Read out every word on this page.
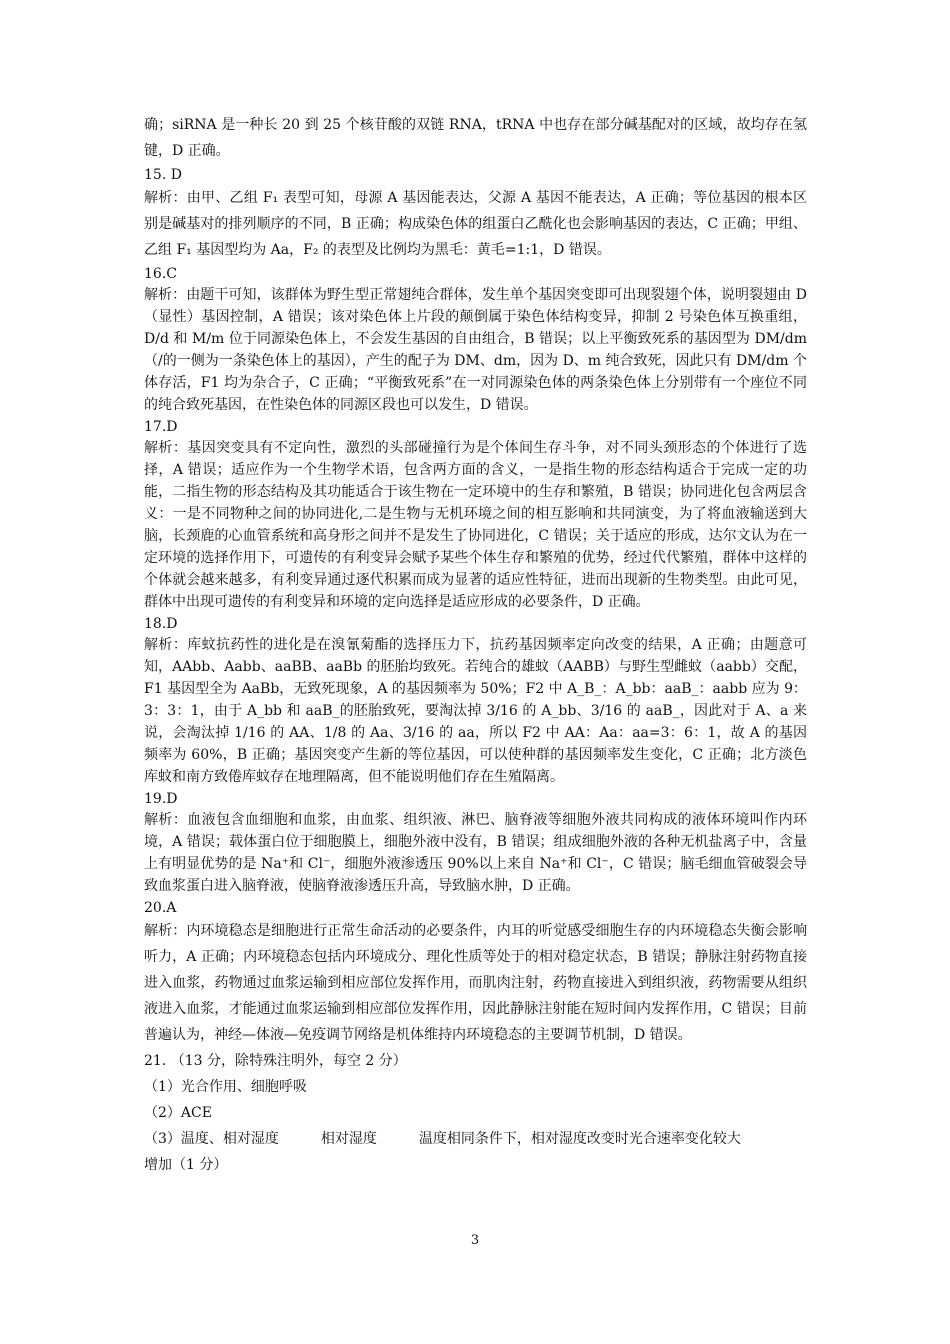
确；siRNA 是一种长 20 到 25 个核苷酸的双链 RNA，tRNA 中也存在部分碱基配对的区域，故均存在氢键，D 正确。

15. D

解析：由甲、乙组 F₁ 表型可知，母源 A 基因能表达，父源 A 基因不能表达，A 正确；等位基因的根本区别是碱基对的排列顺序的不同，B 正确；构成染色体的组蛋白乙酰化也会影响基因的表达，C 正确；甲组、乙组 F₁ 基因型均为 Aa，F₂ 的表型及比例均为黑毛：黄毛=1:1，D 错误。

16.C

解析：由题干可知，该群体为野生型正常翅纯合群体，发生单个基因突变即可出现裂翅个体，说明裂翅由 D（显性）基因控制，A 错误；该对染色体上片段的颠倒属于染色体结构变异，抑制 2 号染色体互换重组，D/d 和 M/m 位于同源染色体上，不会发生基因的自由组合，B 错误；以上平衡致死系的基因型为 DM/dm（/的一侧为一条染色体上的基因），产生的配子为 DM、dm，因为 D、m 纯合致死，因此只有 DM/dm 个体存活，F1 均为杂合子，C 正确；“平衡致死系”在一对同源染色体的两条染色体上分别带有一个座位不同的纯合致死基因，在性染色体的同源区段也可以发生，D 错误。

17.D

解析：基因突变具有不定向性，激烈的头部碰撞行为是个体间生存斗争，对不同头颈形态的个体进行了选择，A 错误；适应作为一个生物学术语，包含两方面的含义，一是指生物的形态结构适合于完成一定的功能，二指生物的形态结构及其功能适合于该生物在一定环境中的生存和繁殖，B 错误；协同进化包含两层含义：一是不同物种之间的协同进化,二是生物与无机环境之间的相互影响和共同演变，为了将血液输送到大脑，长颈鹿的心血管系统和高身形之间并不是发生了协同进化，C 错误；关于适应的形成，达尔文认为在一定环境的选择作用下，可遗传的有利变异会赋予某些个体生存和繁殖的优势，经过代代繁殖，群体中这样的个体就会越来越多，有利变异通过逐代积累而成为显著的适应性特征，进而出现新的生物类型。由此可见，群体中出现可遗传的有利变异和环境的定向选择是适应形成的必要条件，D 正确。

18.D

解析：库蚊抗药性的进化是在溴氰菊酯的选择压力下，抗药基因频率定向改变的结果，A 正确；由题意可知，AAbb、Aabb、aaBB、aaBb 的胚胎均致死。若纯合的雄蚊（AABB）与野生型雌蚊（aabb）交配，F1 基因型全为 AaBb，无致死现象，A 的基因频率为 50%；F2 中 A_B_：A_bb：aaB_：aabb 应为 9：3：3：1，由于 A_bb 和 aaB_的胚胎致死，要淘汰掉 3/16 的 A_bb、3/16 的 aaB_，因此对于 A、a 来说，会淘汰掉 1/16 的 AA、1/8 的 Aa、3/16 的 aa，所以 F2 中 AA：Aa：aa=3：6：1，故 A 的基因频率为 60%，B 正确；基因突变产生新的等位基因，可以使种群的基因频率发生变化，C 正确；北方淡色库蚊和南方致倦库蚊存在地理隔离，但不能说明他们存在生殖隔离。

19.D

解析：血液包含血细胞和血浆，由血浆、组织液、淋巴、脑脊液等细胞外液共同构成的液体环境叫作内环境，A 错误；载体蛋白位于细胞膜上，细胞外液中没有，B 错误；组成细胞外液的各种无机盐离子中，含量上有明显优势的是 Na⁺和 Cl⁻，细胞外液渗透压 90%以上来自 Na⁺和 Cl⁻，C 错误；脑毛细血管破裂会导致血浆蛋白进入脑脊液，使脑脊液渗透压升高，导致脑水肿，D 正确。

20.A

解析：内环境稳态是细胞进行正常生命活动的必要条件，内耳的听觉感受细胞生存的内环境稳态失衡会影响听力，A 正确；内环境稳态包括内环境成分、理化性质等处于的相对稳定状态，B 错误；静脉注射药物直接进入血浆，药物通过血浆运输到相应部位发挥作用，而肌肉注射，药物直接进入到组织液，药物需要从组织液进入血浆，才能通过血浆运输到相应部位发挥作用，因此静脉注射能在短时间内发挥作用，C 错误；目前普遍认为，神经—体液—免疫调节网络是机体维持内环境稳态的主要调节机制，D 错误。

21. （13 分，除特殊注明外，每空 2 分）

（1）光合作用、细胞呼吸

（2）ACE

（3）温度、相对湿度　　　相对湿度　　　温度相同条件下，相对湿度改变时光合速率变化较大

增加（1 分）

3
